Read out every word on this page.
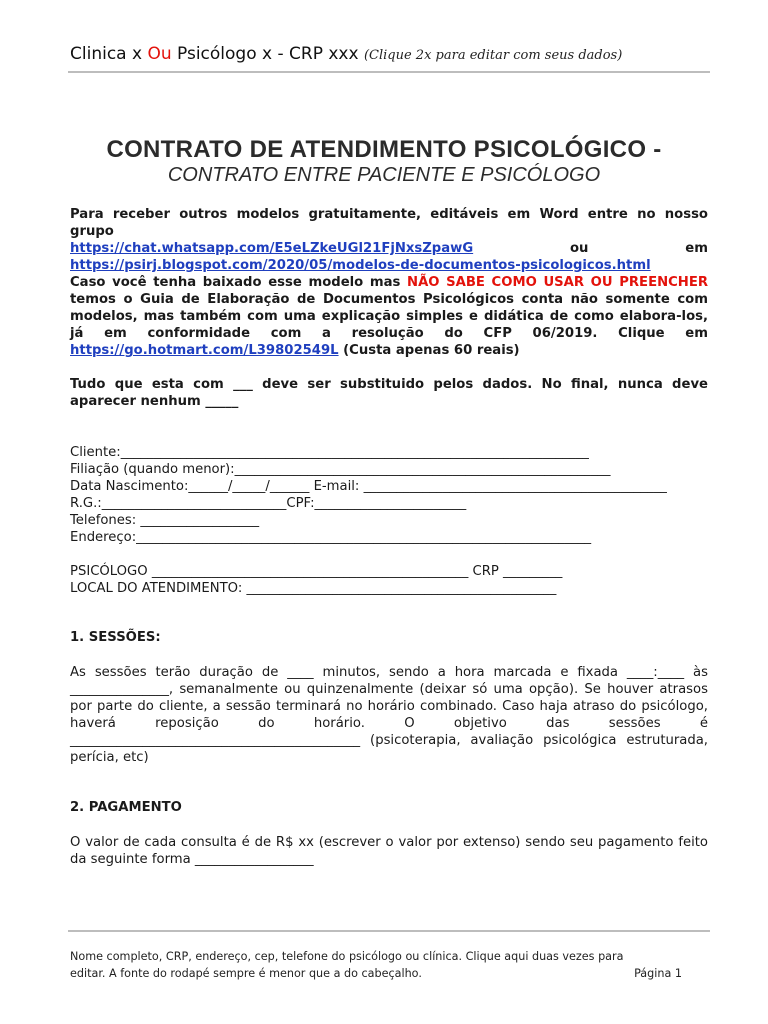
Clinica x Ou Psicólogo x - CRP xxx (Clique 2x para editar com seus dados)
CONTRATO DE ATENDIMENTO PSICOLÓGICO -
CONTRATO ENTRE PACIENTE E PSICÓLOGO
Para receber outros modelos gratuitamente, editáveis em Word entre no nosso grupo
https://chat.whatsapp.com/E5eLZkeUGl21FjNxsZpawG	ou	em
https://psirj.blogspot.com/2020/05/modelos-de-documentos-psicologicos.html
Caso você tenha baixado esse modelo mas NÃO SABE COMO USAR OU PREENCHER temos o Guia de Elaboração de Documentos Psicológicos conta não somente com modelos, mas também com uma explicação simples e didática de como elabora-los, já em conformidade com a resolução do CFP 06/2019. Clique em https://go.hotmart.com/L39802549L (Custa apenas 60 reais)
Tudo que esta com ___ deve ser substituido pelos dados. No final, nunca deve aparecer nenhum _____
Cliente:_______________________________________________________________________
Filiação (quando menor):_________________________________________________________
Data Nascimento:______/_____/______ E-mail: ______________________________________________
R.G.:____________________________CPF:_______________________
Telefones: __________________
Endereço:_____________________________________________________________________
PSICÓLOGO ________________________________________________ CRP _________
LOCAL DO ATENDIMENTO: _______________________________________________
1. SESSÕES:
As sessões terão duração de ____ minutos, sendo a hora marcada e fixada ____:____ às _______________, semanalmente ou quinzenalmente (deixar só uma opção). Se houver atrasos por parte do cliente, a sessão terminará no horário combinado. Caso haja atraso do psicólogo, haverá reposição do horário. O objetivo das sessões é ____________________________________________ (psicoterapia, avaliação psicológica estruturada, perícia, etc)
2. PAGAMENTO
O valor de cada consulta é de R$ xx (escrever o valor por extenso) sendo seu pagamento feito da seguinte forma __________________
Nome completo, CRP, endereço, cep, telefone do psicólogo ou clínica. Clique aqui duas vezes para
editar. A fonte do rodapé sempre é menor que a do cabeçalho.	Página 1
